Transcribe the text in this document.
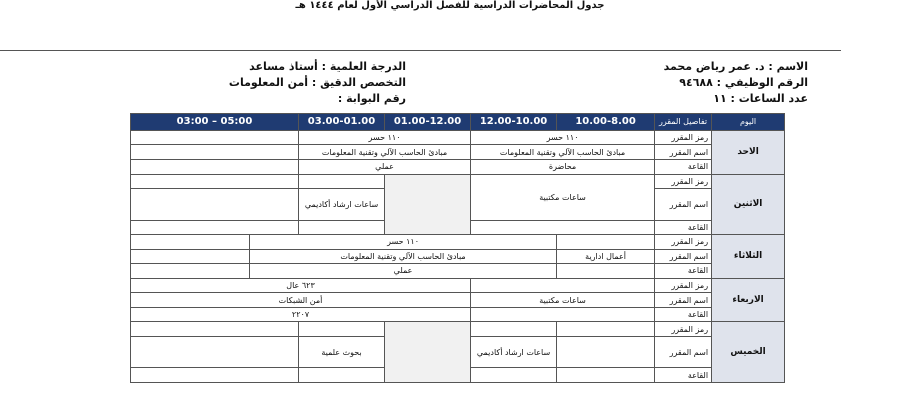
جدول المحاضرات الدراسية للفصل الدراسي الأول لعام ١٤٤٤ هـ
الاسم : د. عمر رياض محمد
الرقم الوظيفي : ٩٤٦٨٨
عدد الساعات : ١١
الدرجة العلمية : أستاذ مساعد
التخصص الدقيق : أمن المعلومات
رقم البوابة :
اليوم	تفاصيل المقرر	10.00-8.00	12.00-10.00	01.00-12.00	03.00-01.00	05:00 – 03:00		
الاحد	رمز المقرر	١١٠ حسر		١١٠ حسر				
	اسم المقرر	مبادئ الحاسب الآلي وتقنية المعلومات		مبادئ الحاسب الآلي وتقنية المعلومات				
	القاعة	محاضرة		عملي				
الاثنين	رمز المقرر	ساعات مكتبية						
	اسم المقرر				ساعات ارشاد أكاديمي			
	القاعة							
الثلاثاء	رمز المقرر		١١٠ حسر					
	اسم المقرر	أعمال ادارية	مبادئ الحاسب الآلي وتقنية المعلومات					
	القاعة		عملي					
الاربعاء	رمز المقرر			٦٢٣ عال				
	اسم المقرر	ساعات مكتبية		أمن الشبكات				
	القاعة			٢٢٠٧				
الخميس	رمز المقرر							
	اسم المقرر		ساعات ارشاد أكاديمي		بحوث علمية			
	القاعة							
